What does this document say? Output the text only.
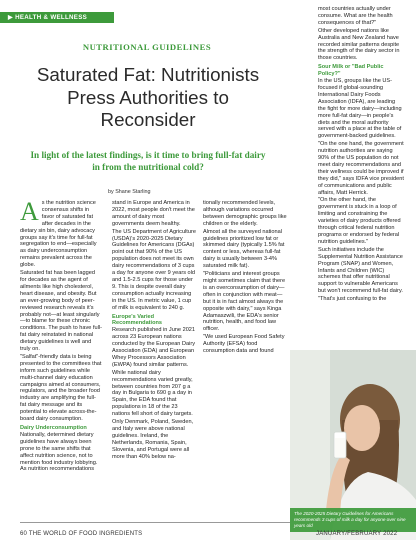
▶ HEALTH & WELLNESS
NUTRITIONAL GUIDELINES
Saturated Fat: Nutritionists Press Authorities to Reconsider
In light of the latest findings, is it time to bring full-fat dairy in from the nutritional cold?
by Shane Starling
A s the nutrition science consensus shifts in favor of saturated fat after decades in the dietary sin bin, dairy advocacy groups say it's time for full-fat segregation to end—especially as dairy underconsumption remains prevalent across the globe.

Saturated fat has been lagged for decades as the agent of ailments like high cholesterol, heart disease, and obesity. But an ever-growing body of peer-reviewed research reveals it's probably not—at least singularly—to blame for these chronic conditions. The push to have full-fat dairy reinstated in national dietary guidelines is well and truly on.

"Salfat"-friendly data is being presented to the committees that inform such guidelines while multi-channel dairy education campaigns aimed at consumers, regulators, and the broader food industry are amplifying the full-fat dairy message and its potential to elevate across-the-board dairy consumption.

Dairy Underconsumption

Nationally, determined dietary guidelines have always been prone to the same shifts that affect nutrition science, not to mention food industry lobbying. As nutrition recommendations

stand in Europe and America in 2022, most people don't meet the amount of dairy most governments deem healthy.

The US Department of Agriculture (USDA)'s 2020-2025 Dietary Guidelines for Americans (DGAs) point out that 90% of the US population does not meet its own dairy recommendations of 3 cups a day for anyone over 9 years old and 1.5-2.5 cups for those under 9. This is despite overall dairy consumption actually increasing in the US. In metric value, 1 cup of milk is equivalent to 240 g.

Europe's Varied Recommendations

Research published in June 2021 across 23 European nations conducted by the European Dairy Association (EDA) and European Whey Processors Association (EWPA) found similar patterns.

While national dairy recommendations varied greatly, between countries from 207 g a day in Bulgaria to 690 g a day in Spain, the EDA found that populations in 18 of the 23 nations fell short of dairy targets.

Only Denmark, Poland, Sweden, and Italy were above national guidelines. Ireland, the Netherlands, Romania, Spain, Slovenia, and Portugal were all more than 40% below na-

tionally recommended levels, although variations occurred between demographic groups like children or the elderly.

Almost all the surveyed national guidelines prioritized low fat or skimmed dairy (typically 1.5% fat content or less, whereas full-fat dairy is usually between 3-4% saturated milk fat).

"Politicians and interest groups might sometimes claim that there is an overconsumption of dairy—often in conjunction with meat—but it is in fact almost always the opposite with dairy," says Kinga Adamaszwili, the EDA's senior nutrition, health, and food law officer.

"We used European Food Safety Authority (EFSA) food consumption data and found

most countries actually under consume. What are the health consequences of that?"

Other developed nations like Australia and New Zealand have recorded similar patterns despite the strength of the dairy sector in those countries.

Sour Milk or "Bad Public Policy?"

In the US, groups like the US-focused if global-sounding International Dairy Foods Association (IDFA), are leading the fight for more dairy—including more full-fat dairy—in people's diets and the moral authority served with a place at the table of government-backed guidelines.

"On the one hand, the government nutrition authorities are saying 90% of the US population do not meet dairy recommendations and their wellness could be improved if they did," says IDFA vice president of communications and public affairs, Matt Herrick.

"On the other hand, the government is stuck in a loop of limiting and constraining the varieties of dairy products offered through critical federal nutrition programs or endorsed by federal nutrition guidelines."

Such initiatives include the Supplemental Nutrition Assistance Program (SNAP) and Women, Infants and Children (WIC) schemes that offer nutritional support to vulnerable Americans but won't recommend full-fat dairy.

"That's just confusing to the

The 2020-2025 Dietary Guidelines for Americans recommends 3 cups of milk a day for anyone over nine years old
60 THE WORLD OF FOOD INGREDIENTS	JANUARY/FEBRUARY 2022
